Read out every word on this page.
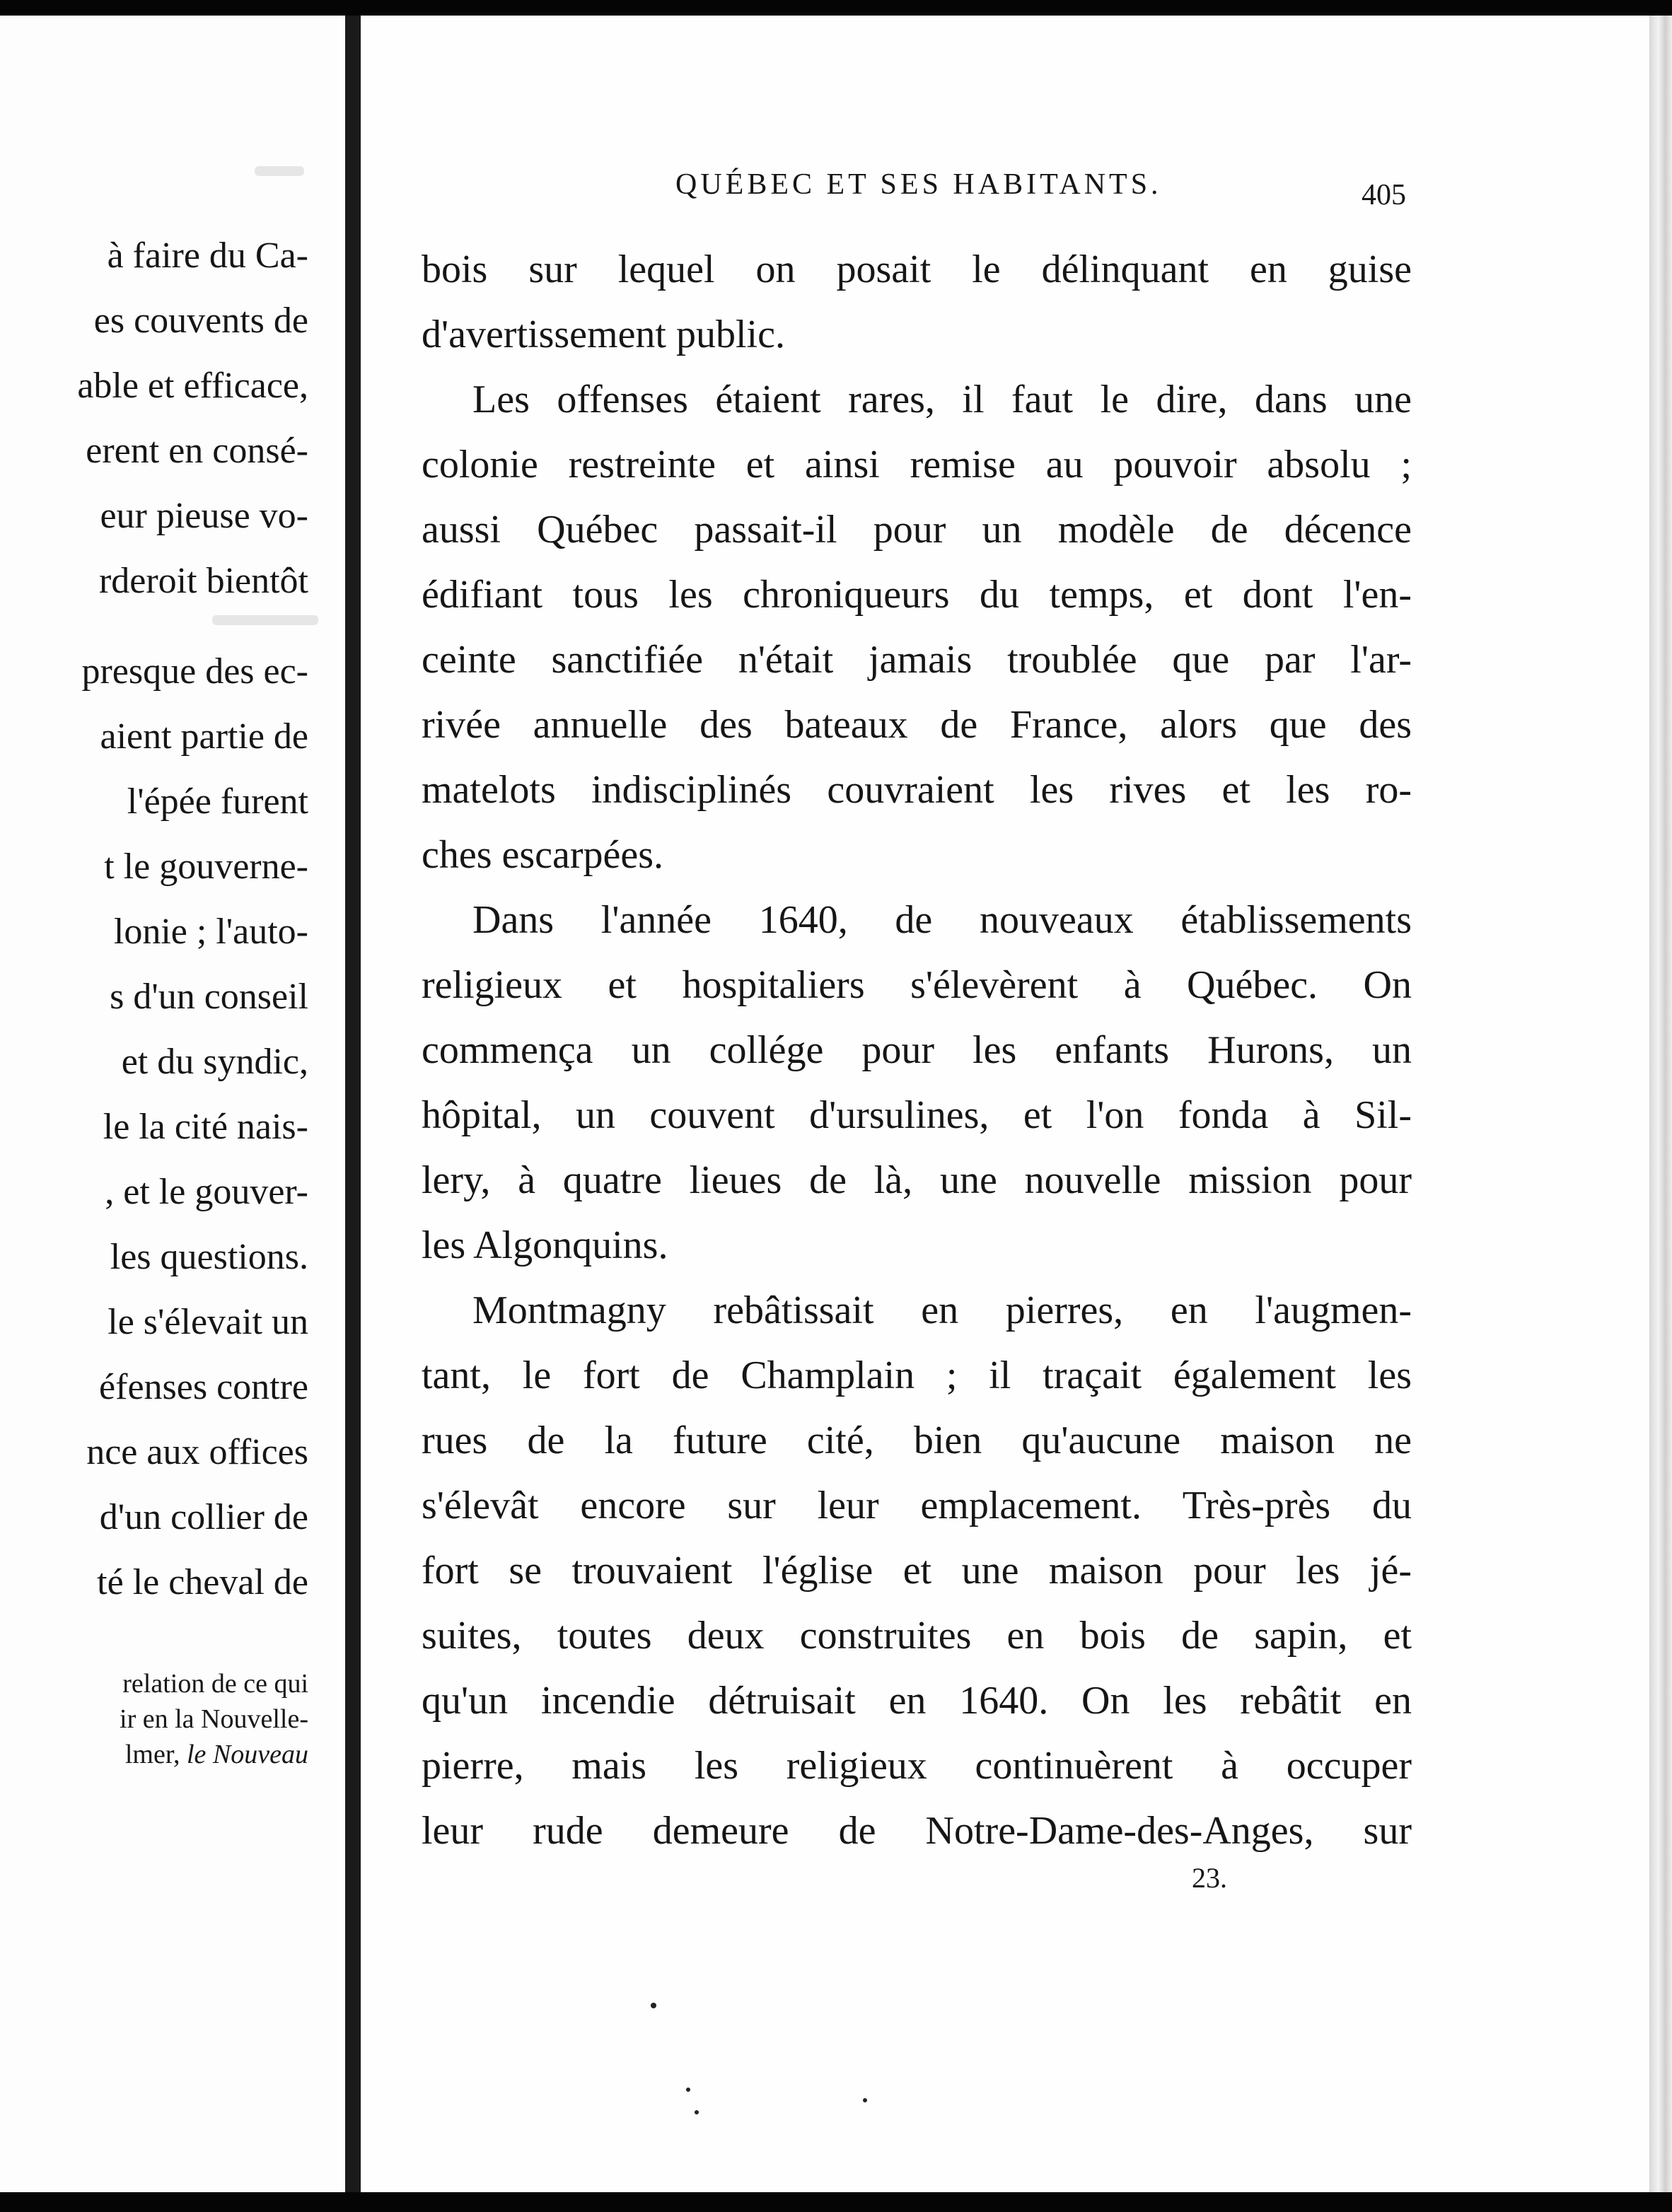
à faire du Ca-
es couvents de
able et efficace,
erent en consé-
eur pieuse vo-
rderoit bientôt
presque des ec-
aient partie de
l'épée furent
t le gouverne-
lonie ; l'auto-
s d'un conseil
et du syndic,
le la cité nais-
, et le gouver-
les questions.
le s'élevait un
éfenses contre
nce aux offices
d'un collier de
té le cheval de
relation de ce qui
ir en la Nouvelle-
lmer, le Nouveau
QUÉBEC ET SES HABITANTS.	405
bois sur lequel on posait le délinquant en guise
d'avertissement public.
Les offenses étaient rares, il faut le dire, dans une
colonie restreinte et ainsi remise au pouvoir absolu ;
aussi Québec passait-il pour un modèle de décence
édifiant tous les chroniqueurs du temps, et dont l'en-
ceinte sanctifiée n'était jamais troublée que par l'ar-
rivée annuelle des bateaux de France, alors que des
matelots indisciplinés couvraient les rives et les ro-
ches escarpées.
Dans l'année 1640, de nouveaux établissements
religieux et hospitaliers s'élevèrent à Québec. On
commença un collége pour les enfants Hurons, un
hôpital, un couvent d'ursulines, et l'on fonda à Sil-
lery, à quatre lieues de là, une nouvelle mission pour
les Algonquins.
Montmagny rebâtissait en pierres, en l'augmen-
tant, le fort de Champlain ; il traçait également les
rues de la future cité, bien qu'aucune maison ne
s'élevât encore sur leur emplacement. Très-près du
fort se trouvaient l'église et une maison pour les jé-
suites, toutes deux construites en bois de sapin, et
qu'un incendie détruisait en 1640. On les rebâtit en
pierre, mais les religieux continuèrent à occuper
leur rude demeure de Notre-Dame-des-Anges, sur
23.
